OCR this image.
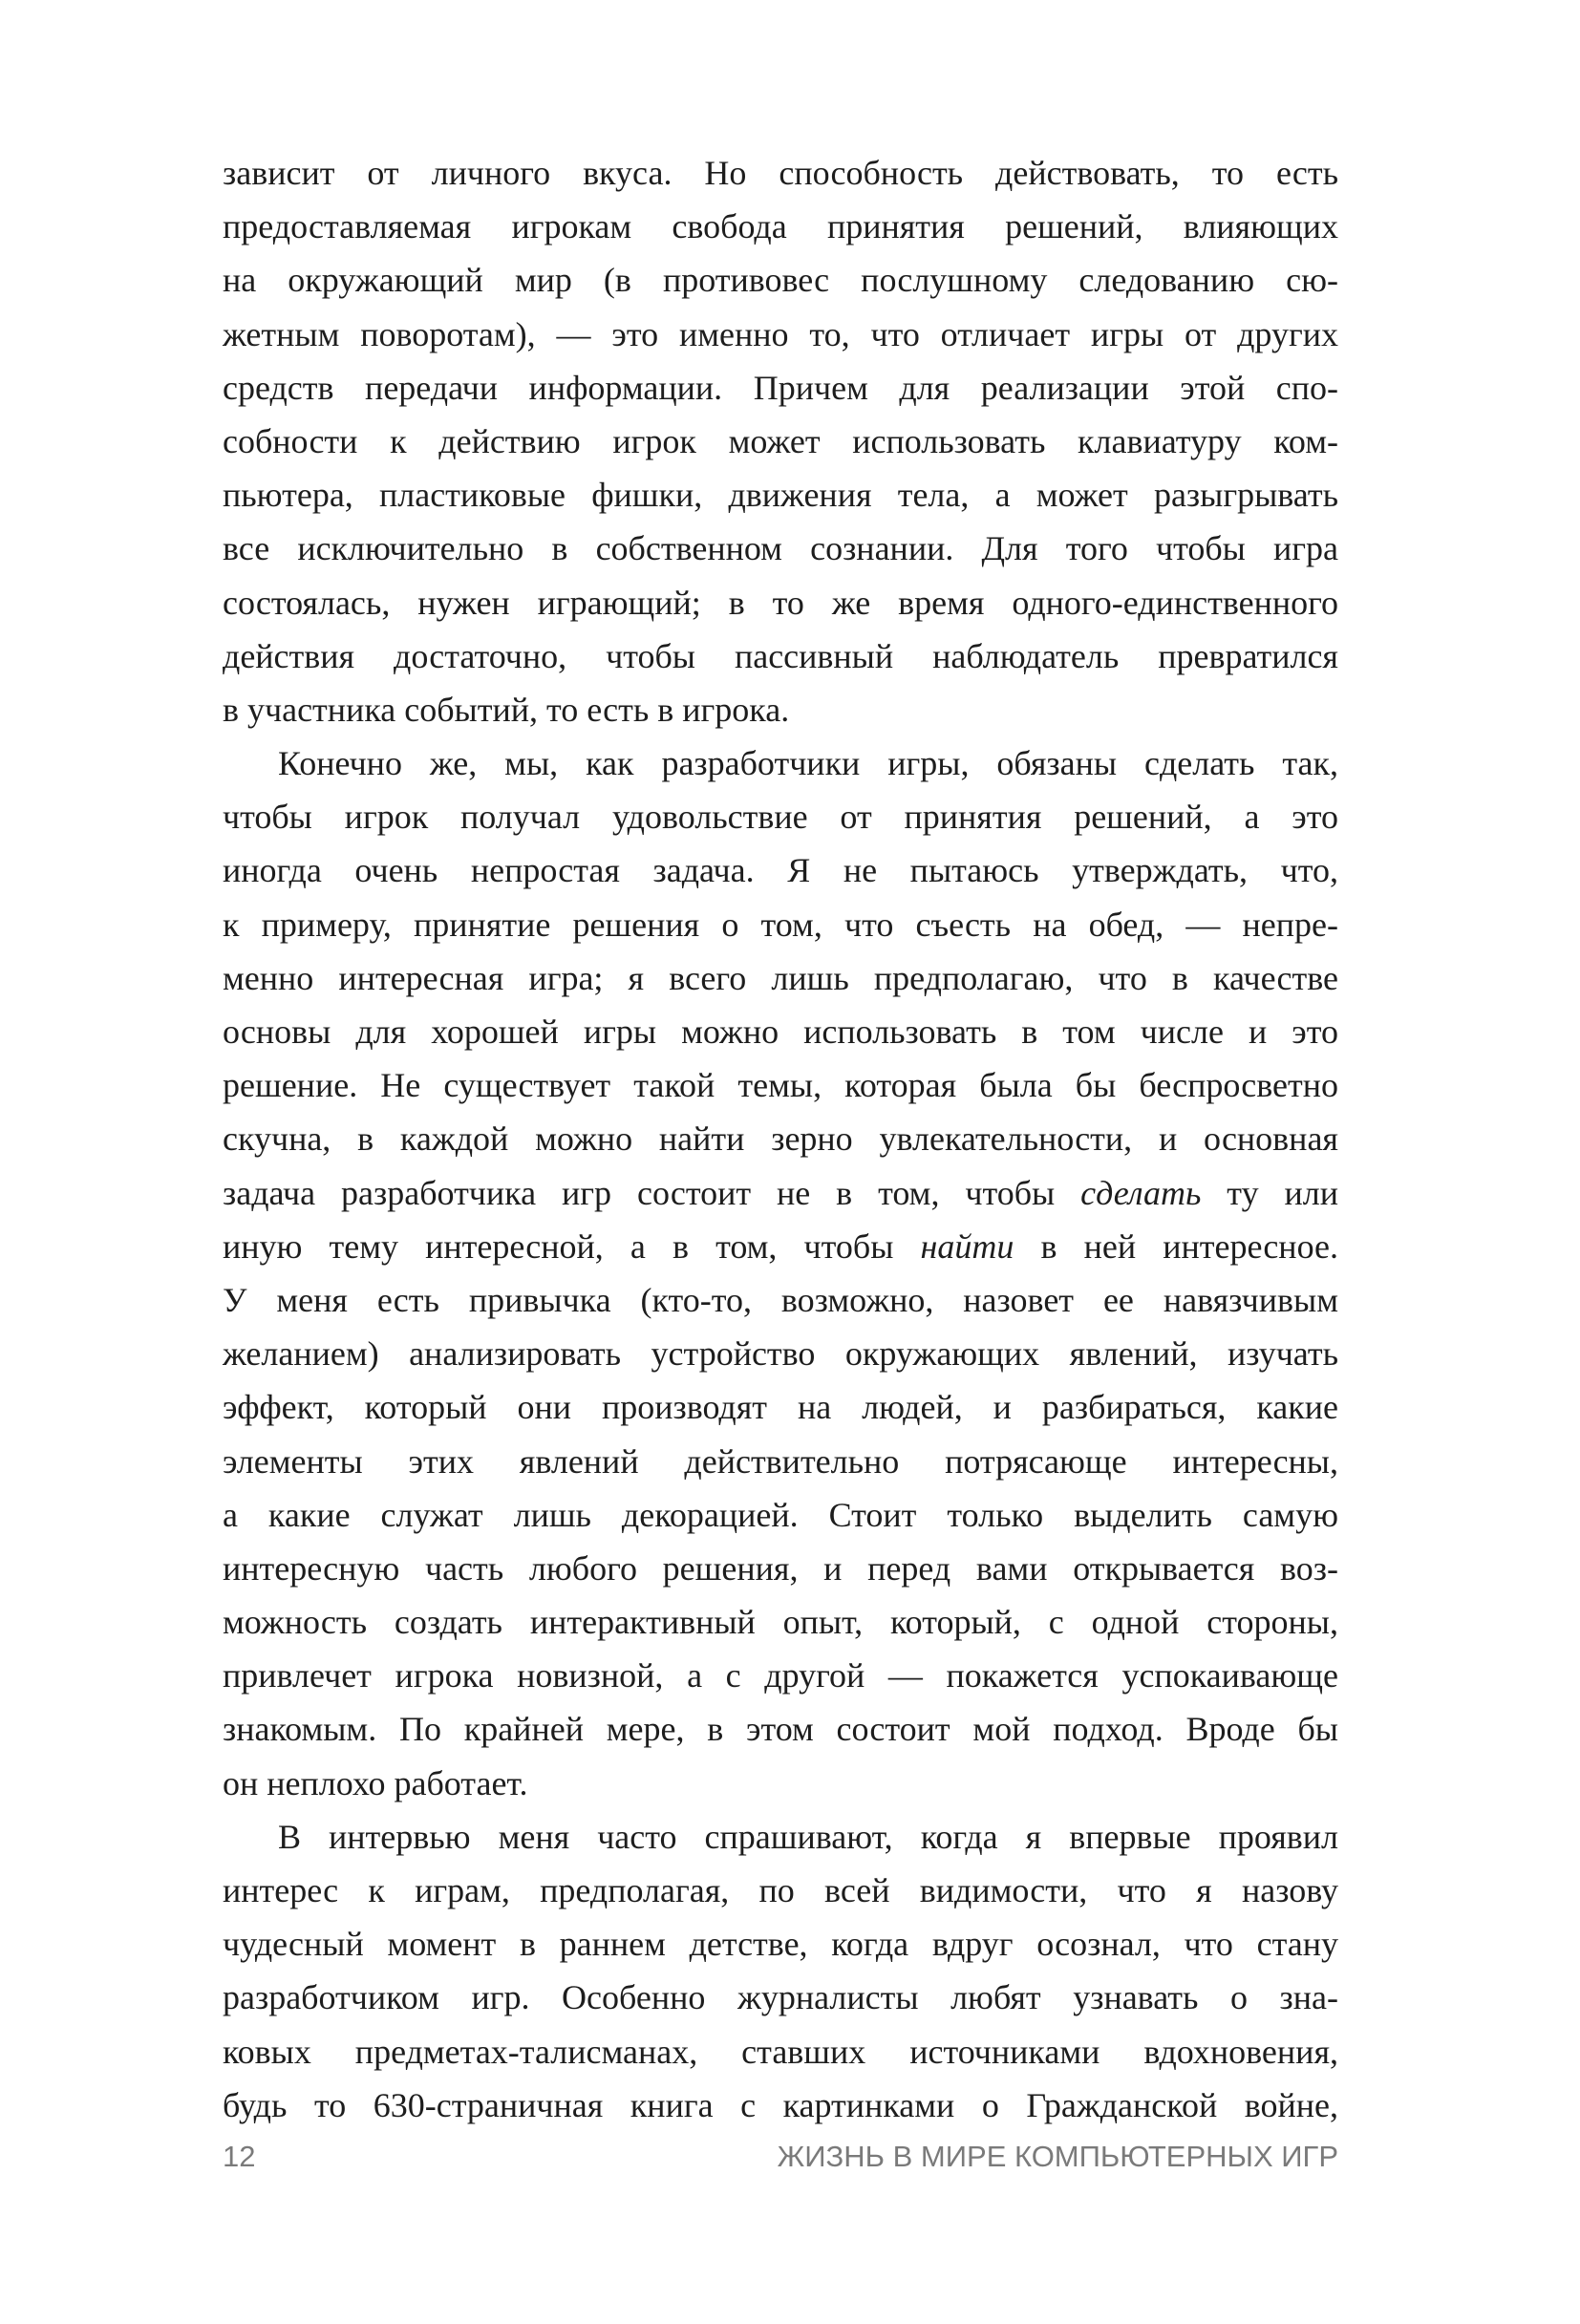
зависит от личного вкуса. Но способность действовать, то есть
предоставляемая игрокам свобода принятия решений, влияющих
на окружающий мир (в противовес послушному следованию сю-
жетным поворотам), — это именно то, что отличает игры от других
средств передачи информации. Причем для реализации этой спо-
собности к действию игрок может использовать клавиатуру ком-
пьютера, пластиковые фишки, движения тела, а может разыгрывать
все исключительно в собственном сознании. Для того чтобы игра
состоялась, нужен играющий; в то же время одного-единственного
действия достаточно, чтобы пассивный наблюдатель превратился
в участника событий, то есть в игрока.
Конечно же, мы, как разработчики игры, обязаны сделать так,
чтобы игрок получал удовольствие от принятия решений, а это
иногда очень непростая задача. Я не пытаюсь утверждать, что,
к примеру, принятие решения о том, что съесть на обед, — непре-
менно интересная игра; я всего лишь предполагаю, что в качестве
основы для хорошей игры можно использовать в том числе и это
решение. Не существует такой темы, которая была бы беспросветно
скучна, в каждой можно найти зерно увлекательности, и основная
задача разработчика игр состоит не в том, чтобы сделать ту или
иную тему интересной, а в том, чтобы найти в ней интересное.
У меня есть привычка (кто-то, возможно, назовет ее навязчивым
желанием) анализировать устройство окружающих явлений, изучать
эффект, который они производят на людей, и разбираться, какие
элементы этих явлений действительно потрясающе интересны,
а какие служат лишь декорацией. Стоит только выделить самую
интересную часть любого решения, и перед вами открывается воз-
можность создать интерактивный опыт, который, с одной стороны,
привлечет игрока новизной, а с другой — покажется успокаивающе
знакомым. По крайней мере, в этом состоит мой подход. Вроде бы
он неплохо работает.
В интервью меня часто спрашивают, когда я впервые проявил
интерес к играм, предполагая, по всей видимости, что я назову
чудесный момент в раннем детстве, когда вдруг осознал, что стану
разработчиком игр. Особенно журналисты любят узнавать о зна-
ковых предметах-талисманах, ставших источниками вдохновения,
будь то 630-страничная книга с картинками о Гражданской войне,
12	ЖИЗНЬ В МИРЕ КОМПЬЮТЕРНЫХ ИГР
